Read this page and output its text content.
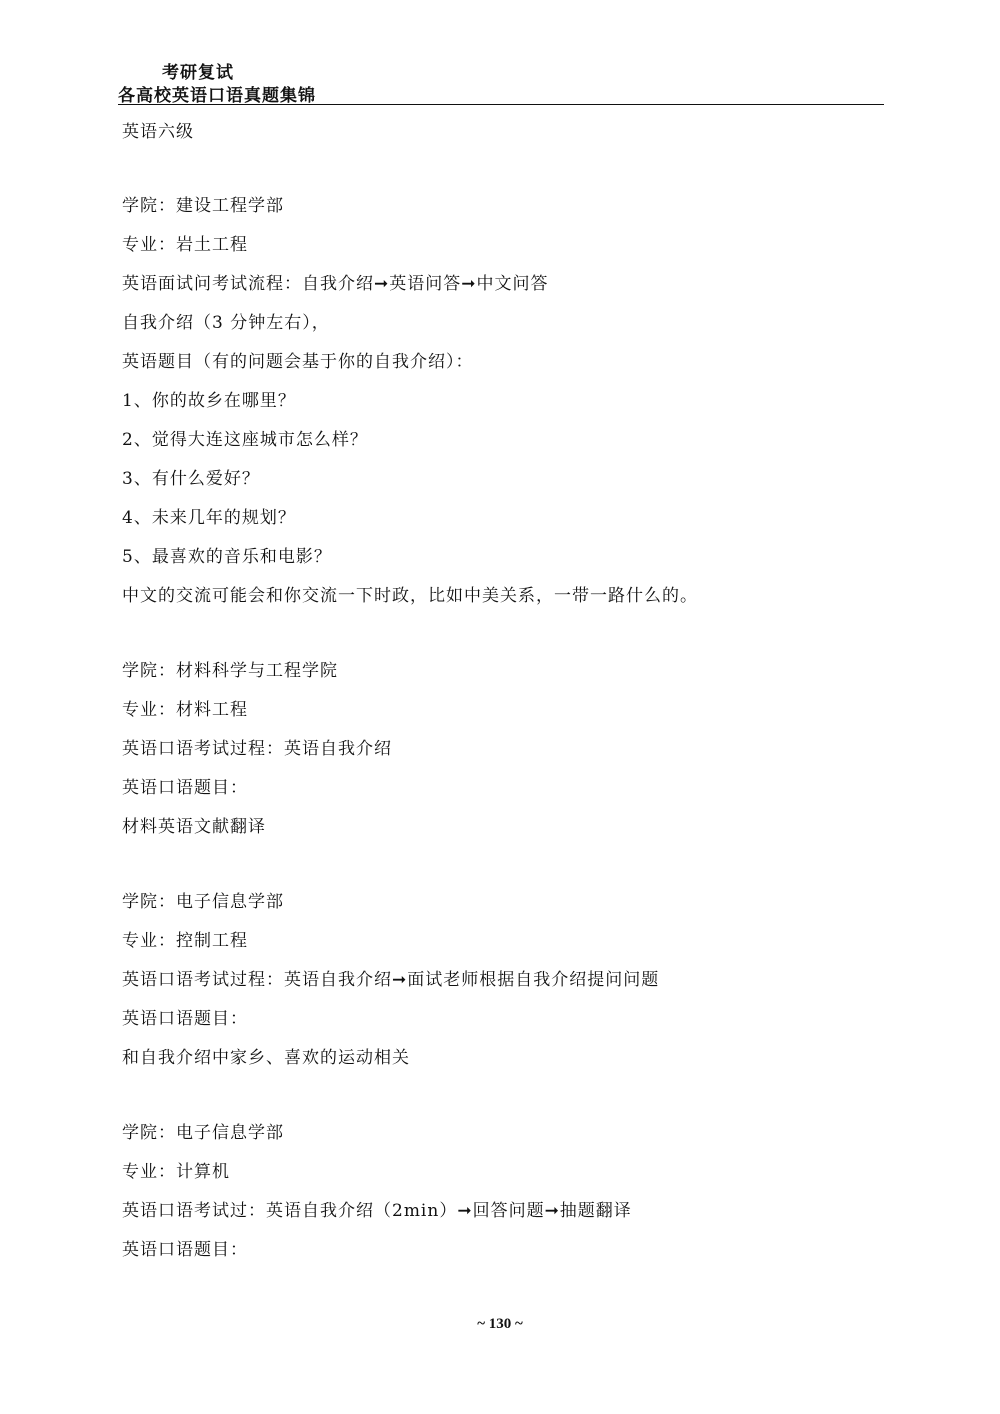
考研复试
各高校英语口语真题集锦
英语六级
学院：建设工程学部
专业：岩土工程
英语面试问考试流程：自我介绍➞英语问答➞中文问答
自我介绍（3 分钟左右），
英语题目（有的问题会基于你的自我介绍）：
1、你的故乡在哪里？
2、觉得大连这座城市怎么样？
3、有什么爱好？
4、未来几年的规划？
5、最喜欢的音乐和电影？
中文的交流可能会和你交流一下时政，比如中美关系，一带一路什么的。
学院：材料科学与工程学院
专业：材料工程
英语口语考试过程：英语自我介绍
英语口语题目：
材料英语文献翻译
学院：电子信息学部
专业：控制工程
英语口语考试过程：英语自我介绍➞面试老师根据自我介绍提问问题
英语口语题目：
和自我介绍中家乡、喜欢的运动相关
学院：电子信息学部
专业：计算机
英语口语考试过：英语自我介绍（2min）➞回答问题➞抽题翻译
英语口语题目：
~ 130 ~
